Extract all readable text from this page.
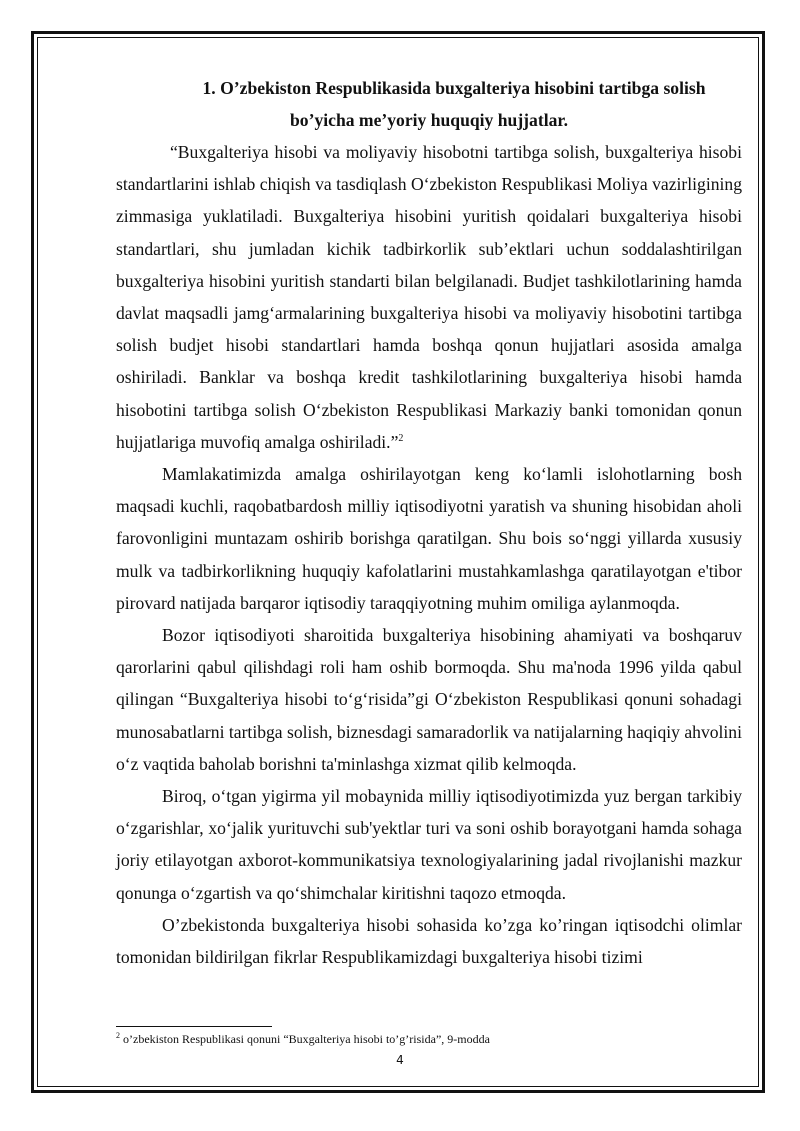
1. O’zbekiston Respublikasida buxgalteriya hisobini tartibga solish
bo’yicha me’yoriy huquqiy hujjatlar.

“Buxgalteriya hisobi va moliyaviy hisobotni tartibga solish, buxgalteriya hisobi standartlarini ishlab chiqish va tasdiqlash O‘zbekiston Respublikasi Moliya vazirligining zimmasiga yuklatiladi. Buxgalteriya hisobini yuritish qoidalari buxgalteriya hisobi standartlari, shu jumladan kichik tadbirkorlik sub’ektlari uchun soddalashtirilgan buxgalteriya hisobini yuritish standarti bilan belgilanadi. Budjet tashkilotlarining hamda davlat maqsadli jamg‘armalarining buxgalteriya hisobi va moliyaviy hisobotini tartibga solish budjet hisobi standartlari hamda boshqa qonun hujjatlari asosida amalga oshiriladi. Banklar va boshqa kredit tashkilotlarining buxgalteriya hisobi hamda hisobotini tartibga solish O‘zbekiston Respublikasi Markaziy banki tomonidan qonun hujjatlariga muvofiq amalga oshiriladi.”$^2$

Mamlakatimizda amalga oshirilayotgan keng ko‘lamli islohotlarning bosh maqsadi kuchli, raqobatbardosh milliy iqtisodiyotni yaratish va shuning hisobidan aholi farovonligini muntazam oshirib borishga qaratilgan. Shu bois so‘nggi yillarda xususiy mulk va tadbirkorlikning huquqiy kafolatlarini mustahkamlashga qaratilayotgan e'tibor pirovard natijada barqaror iqtisodiy taraqqiyotning muhim omiliga aylanmoqda.

Bozor iqtisodiyoti sharoitida buxgalteriya hisobining ahamiyati va boshqaruv qarorlarini qabul qilishdagi roli ham oshib bormoqda. Shu ma'noda 1996 yilda qabul qilingan “Buxgalteriya hisobi to‘g‘risida”gi O‘zbekiston Respublikasi qonuni sohadagi munosabatlarni tartibga solish, biznesdagi samaradorlik va natijalarning haqiqiy ahvolini o‘z vaqtida baholab borishni ta'minlashga xizmat qilib kelmoqda.

Biroq, o‘tgan yigirma yil mobaynida milliy iqtisodiyotimizda yuz bergan tarkibiy o‘zgarishlar, xo‘jalik yurituvchi sub'yektlar turi va soni oshib borayotgani hamda sohaga joriy etilayotgan axborot-kommunikatsiya texnologiyalarining jadal rivojlanishi mazkur qonunga o‘zgartish va qo‘shimchalar kiritishni taqozo etmoqda.

O’zbekistonda buxgalteriya hisobi sohasida ko’zga ko’ringan iqtisodchi olimlar tomonidan bildirilgan fikrlar Respublikamizdagi buxgalteriya hisobi tizimi

$^2$ o’zbekiston Respublikasi qonuni “Buxgalteriya hisobi to’g’risida”, 9-modda
4
